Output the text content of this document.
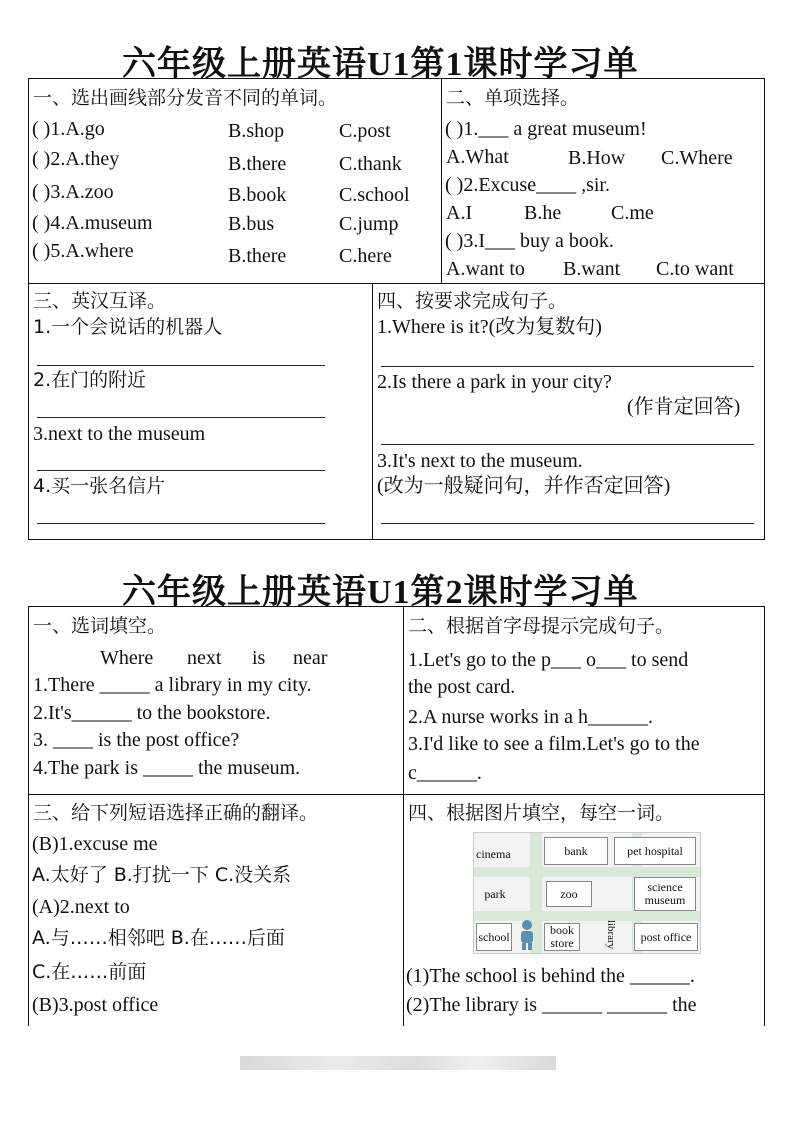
六年级上册英语U1第1课时学习单
一、选出画线部分发音不同的单词。
( )1.A.go	B.shop	C.post
( )2.A.they	B.there	C.thank
( )3.A.zoo	B.book	C.school
( )4.A.museum	B.bus	C.jump
( )5.A.where	B.there	C.here
二、单项选择。
( )1.___ a great museum!
A.What	B.How C.Where
( )2.Excuse____ ,sir.
A.I	B.he C.me
( )3.I___ buy a book.
A.want to B.want C.to want
三、英汉互译。
1.一个会说话的机器人
2.在门的附近
3.next to the museum
4.买一张名信片
四、按要求完成句子。
1.Where is it?(改为复数句)
2.Is there a park in your city?
(作肯定回答)
3.It's next to the museum.
(改为一般疑问句，并作否定回答)
六年级上册英语U1第2课时学习单
一、选词填空。
Where next is near
1.There _____ a library in my city.
2.It's______ to the bookstore.
3. ____ is the post office?
4.The park is _____ the museum.
二、根据首字母提示完成句子。
1.Let's go to the p___ o___ to send
the post card.
2.A nurse works in a h______.
3.I'd like to see a film.Let's go to the
c______.
三、给下列短语选择正确的翻译。
(B)1.excuse me
A.太好了 B.打扰一下 C.没关系
(A)2.next to
A.与……相邻吧 B.在……后面
C.在……前面
(B)3.post office
四、根据图片填空，每空一词。
cinema	bank	pet hospital
park	zoo	science museum
school	book store	library	post office
(1)The school is behind the ______.
(2)The library is ______ ______ the
